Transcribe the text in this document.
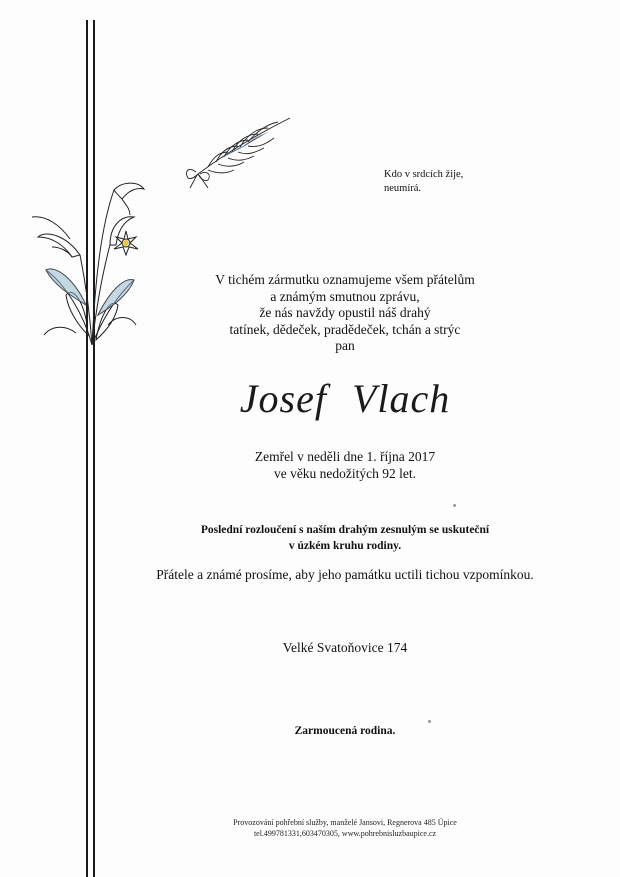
Kdo v srdcích žije,
neumírá.
V tichém zármutku oznamujeme všem přátelům
a známým smutnou zprávu,
že nás navždy opustil náš drahý
tatínek, dědeček, pradědeček, tchán a strýc
pan
Josef Vlach
Zemřel v neděli dne 1. října 2017
ve věku nedožitých 92 let.
Poslední rozloučení s naším drahým zesnulým se uskuteční
v úzkém kruhu rodiny.
Přátele a známé prosíme, aby jeho památku uctili tichou vzpomínkou.
Velké Svatoňovice 174
Zarmoucená rodina.
Provozování pohřební služby, manželé Jansovi, Regnerova 485 Úpice
tel.499781331,603470305, www.pohrebnisluzbaupice.cz
